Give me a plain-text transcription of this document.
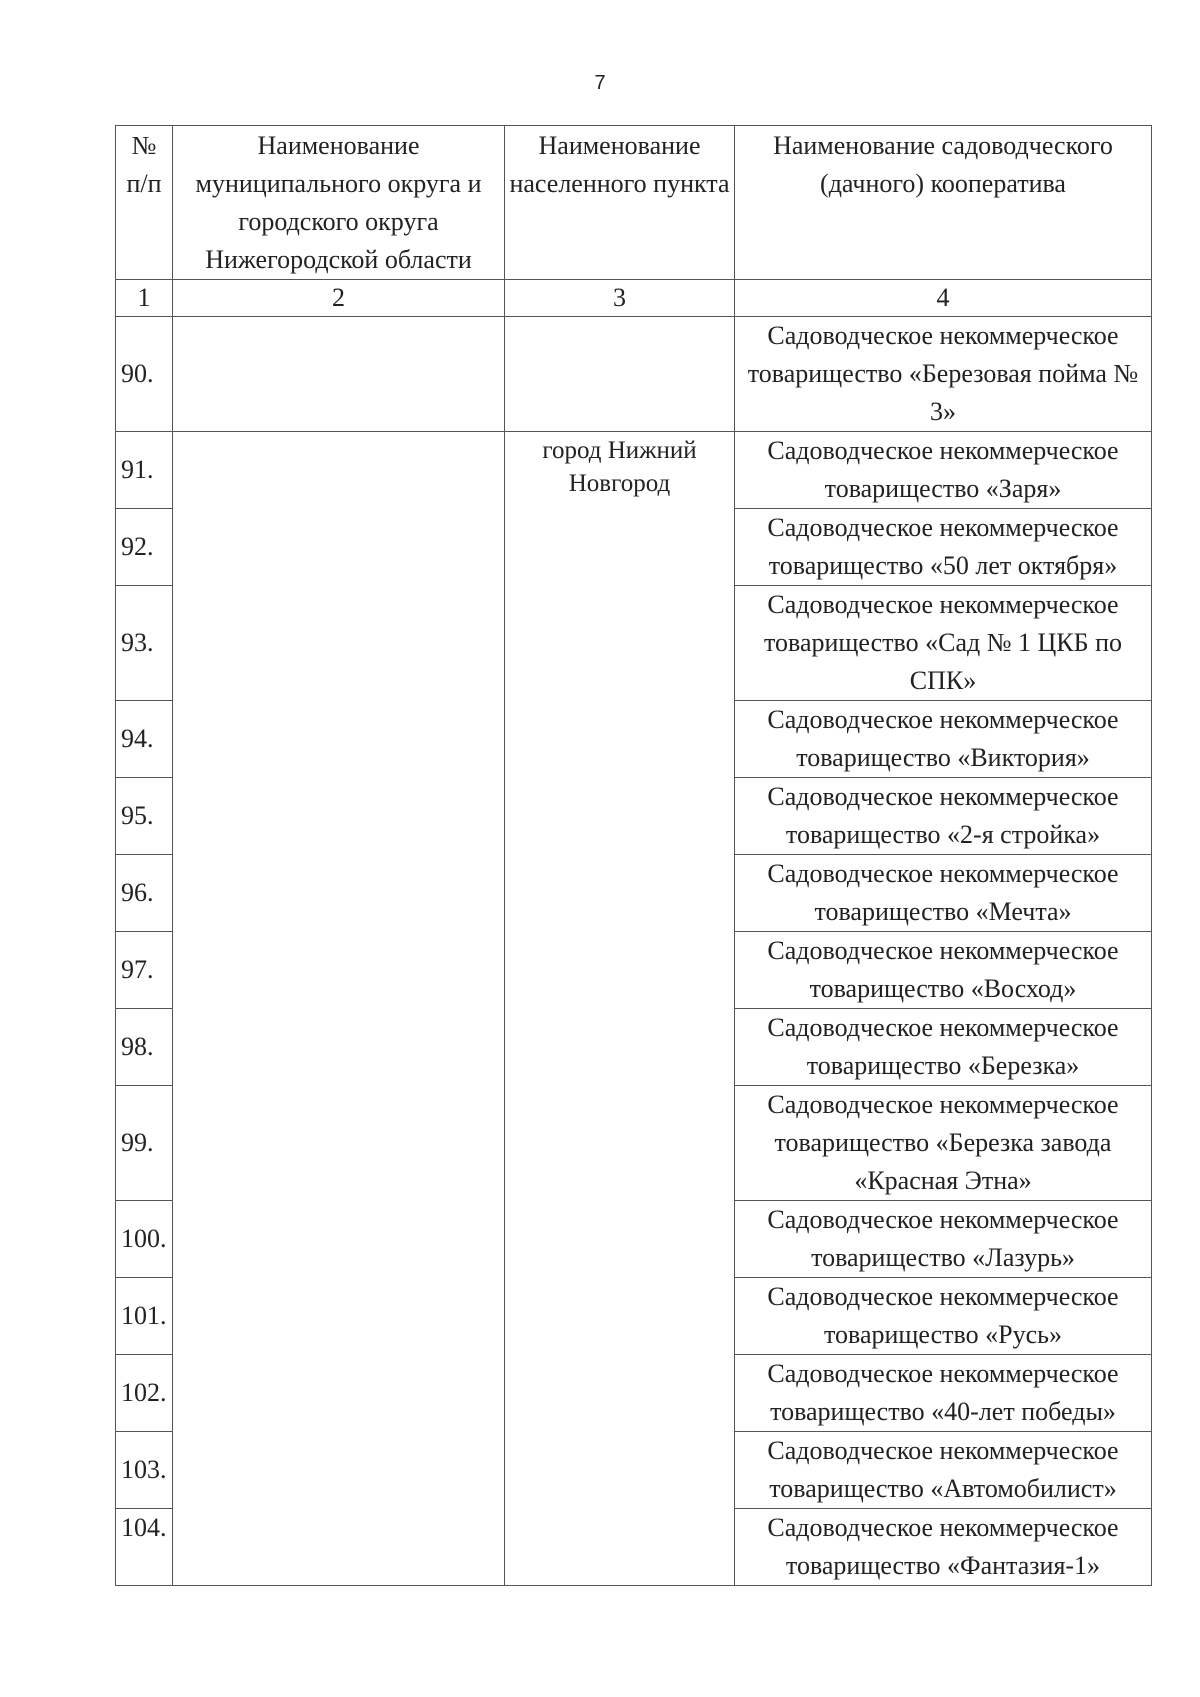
7
№ п/п	Наименование муниципального округа и городского округа Нижегородской области	Наименование населенного пункта	Наименование садоводческого (дачного) кооператива
1	2	3	4
90.			Садоводческое некоммерческое товарищество «Березовая пойма № 3»
91.		город Нижний Новгород	Садоводческое некоммерческое товарищество «Заря»
92.			Садоводческое некоммерческое товарищество «50 лет октября»
93.			Садоводческое некоммерческое товарищество «Сад № 1 ЦКБ по СПК»
94.			Садоводческое некоммерческое товарищество «Виктория»
95.			Садоводческое некоммерческое товарищество «2-я стройка»
96.			Садоводческое некоммерческое товарищество «Мечта»
97.			Садоводческое некоммерческое товарищество «Восход»
98.			Садоводческое некоммерческое товарищество «Березка»
99.			Садоводческое некоммерческое товарищество «Березка завода «Красная Этна»
100.			Садоводческое некоммерческое товарищество «Лазурь»
101.			Садоводческое некоммерческое товарищество «Русь»
102.			Садоводческое некоммерческое товарищество «40-лет победы»
103.			Садоводческое некоммерческое товарищество «Автомобилист»
104.			Садоводческое некоммерческое товарищество «Фантазия-1»
